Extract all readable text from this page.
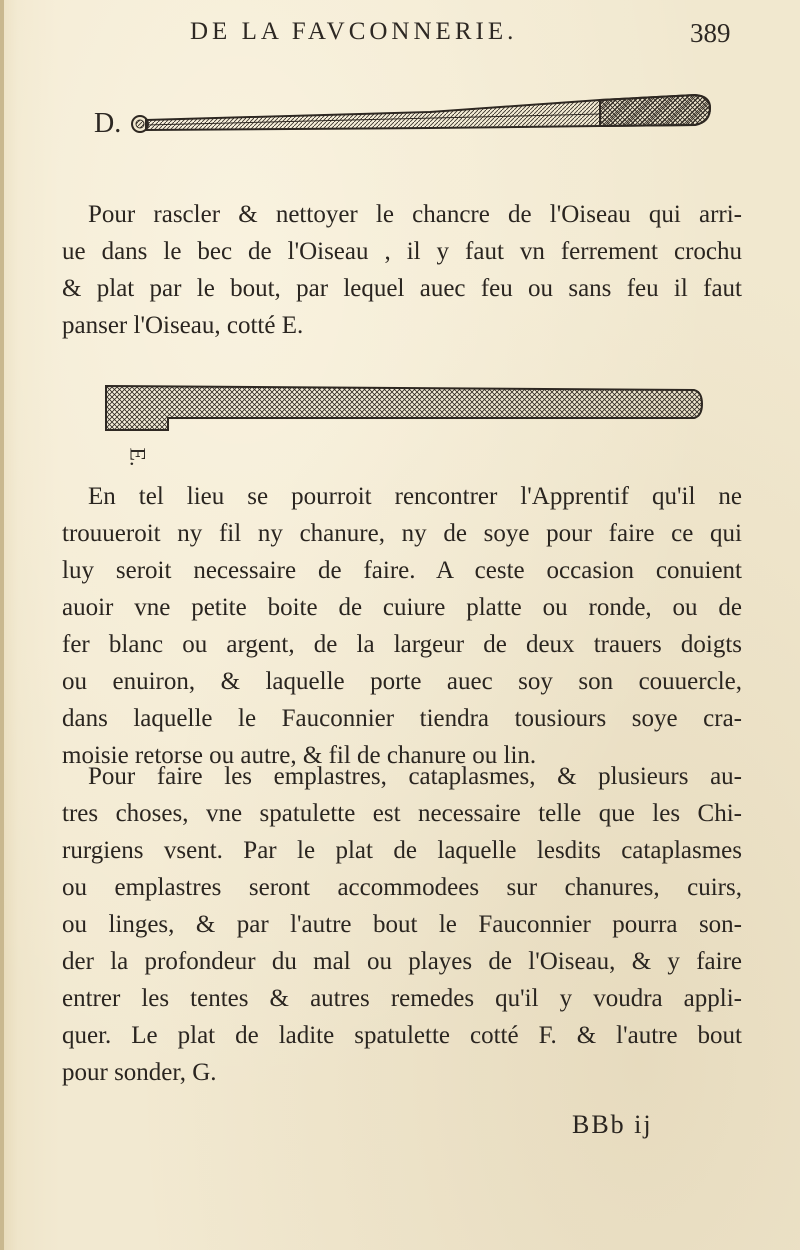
DE LA FAVCONNERIE.	389
D.
Pour rascler & nettoyer le chancre de l'Oiseau qui arri-
ue dans le bec de l'Oiseau , il y faut vn ferrement crochu
& plat par le bout, par lequel auec feu ou sans feu il faut
panser l'Oiseau, cotté E.
E.
En tel lieu se pourroit rencontrer l'Apprentif qu'il ne
trouueroit ny fil ny chanure, ny de soye pour faire ce qui
luy seroit necessaire de faire. A ceste occasion conuient
auoir vne petite boite de cuiure platte ou ronde, ou de
fer blanc ou argent, de la largeur de deux trauers doigts
ou enuiron, & laquelle porte auec soy son couuercle,
dans laquelle le Fauconnier tiendra tousiours soye cra-
moisie retorse ou autre, & fil de chanure ou lin.
Pour faire les emplastres, cataplasmes, & plusieurs au-
tres choses, vne spatulette est necessaire telle que les Chi-
rurgiens vsent. Par le plat de laquelle lesdits cataplasmes
ou emplastres seront accommodees sur chanures, cuirs,
ou linges, & par l'autre bout le Fauconnier pourra son-
der la profondeur du mal ou playes de l'Oiseau, & y faire
entrer les tentes & autres remedes qu'il y voudra appli-
quer. Le plat de ladite spatulette cotté F. & l'autre bout
pour sonder, G.
BBb ij
